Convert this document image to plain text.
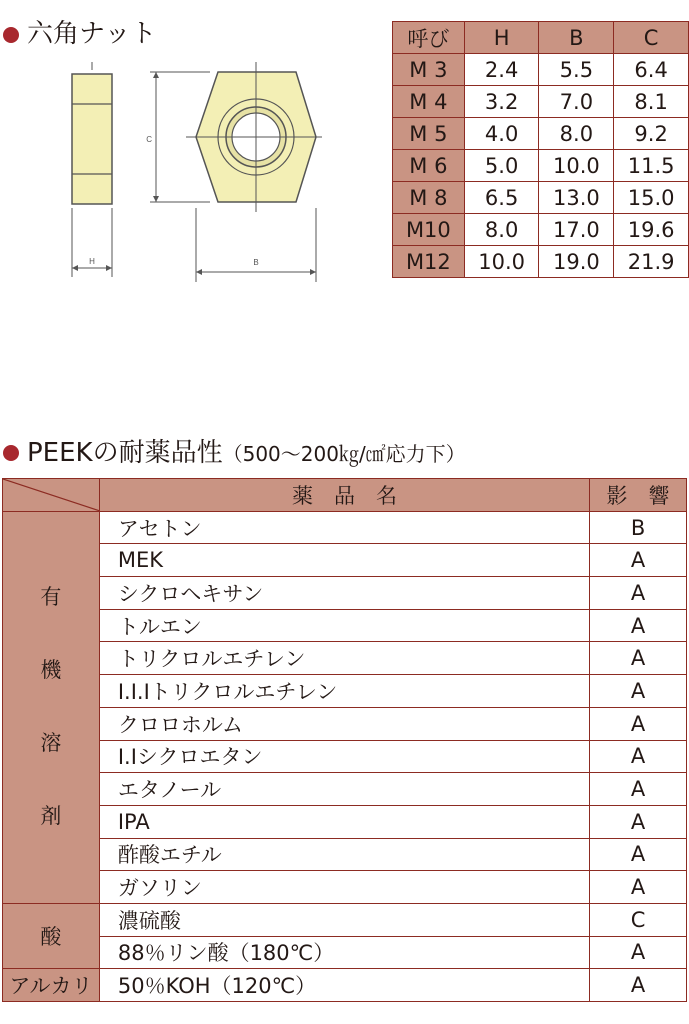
六角ナット
H
C
B
呼び	H	B	C
M 3	2.4	5.5	6.4
M 4	3.2	7.0	8.1
M 5	4.0	8.0	9.2
M 6	5.0	10.0	11.5
M 8	6.5	13.0	15.0
M10	8.0	17.0	19.6
M12	10.0	19.0	21.9
PEEKの耐薬品性（500～200㎏/㎠応力下）
	薬　品　名	影　響

有
機
溶
剤	アセトン	B
	MEK	A
	シクロヘキサン	A
	トルエン	A
	トリクロルエチレン	A
	I.I.Iトリクロルエチレン	A
	クロロホルム	A
	I.Iシクロエタン	A
	エタノール	A
	IPA	A
	酢酸エチル	A
	ガソリン	A
酸	濃硫酸	C
	88％リン酸（180℃）	A
アルカリ	50％KOH（120℃）	A
